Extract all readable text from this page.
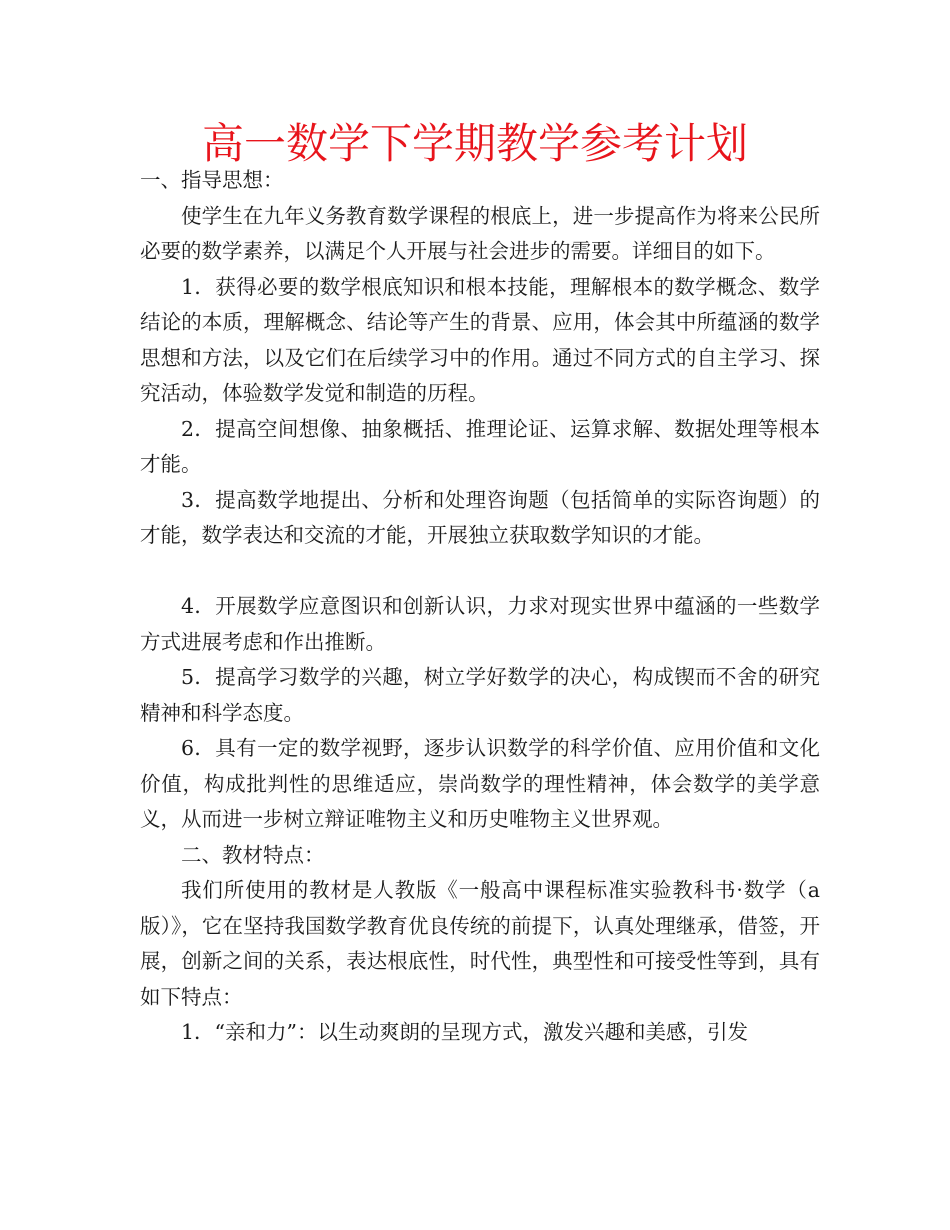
高一数学下学期教学参考计划

一、指导思想：

使学生在九年义务教育数学课程的根底上，进一步提高作为将来公民所必要的数学素养，以满足个人开展与社会进步的需要。详细目的如下。

1．获得必要的数学根底知识和根本技能，理解根本的数学概念、数学结论的本质，理解概念、结论等产生的背景、应用，体会其中所蕴涵的数学思想和方法，以及它们在后续学习中的作用。通过不同方式的自主学习、探究活动，体验数学发觉和制造的历程。

2．提高空间想像、抽象概括、推理论证、运算求解、数据处理等根本才能。

3．提高数学地提出、分析和处理咨询题（包括简单的实际咨询题）的才能，数学表达和交流的才能，开展独立获取数学知识的才能。

4．开展数学应意图识和创新认识，力求对现实世界中蕴涵的一些数学方式进展考虑和作出推断。

5．提高学习数学的兴趣，树立学好数学的决心，构成锲而不舍的研究精神和科学态度。

6．具有一定的数学视野，逐步认识数学的科学价值、应用价值和文化价值，构成批判性的思维适应，崇尚数学的理性精神，体会数学的美学意义，从而进一步树立辩证唯物主义和历史唯物主义世界观。

二、教材特点：

我们所使用的教材是人教版《一般高中课程标准实验教科书·数学（a版）》，它在坚持我国数学教育优良传统的前提下，认真处理继承，借签，开展，创新之间的关系，表达根底性，时代性，典型性和可接受性等到，具有如下特点：

1．“亲和力”：以生动爽朗的呈现方式，激发兴趣和美感，引发
